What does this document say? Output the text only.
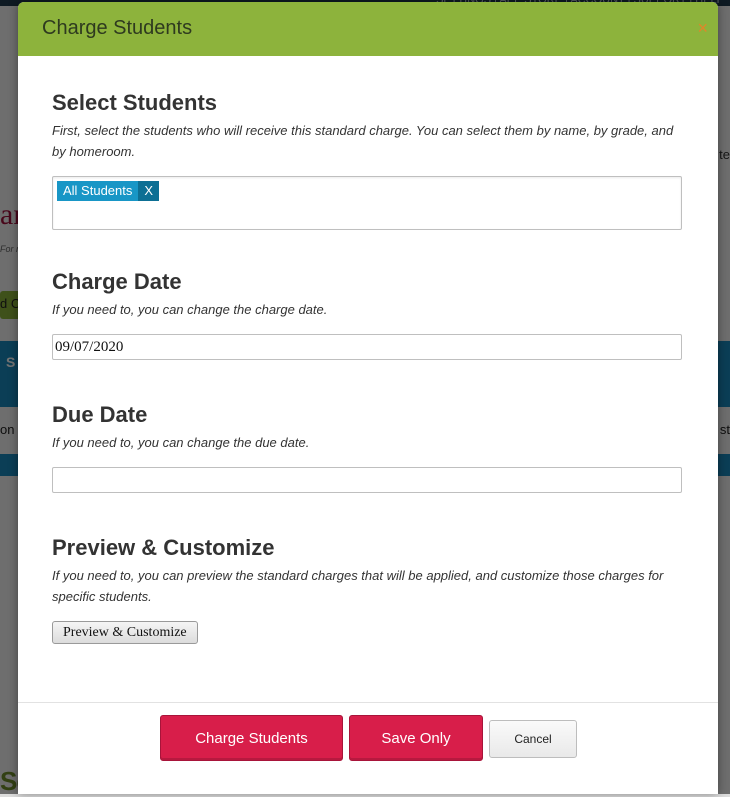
Charge Students	×
Select Students

First, select the students who will receive this standard charge. You can select them by name, by grade, and by homeroom.

All Students X
Charge Date

If you need to, you can change the charge date.

09/07/2020
Due Date

If you need to, you can change the due date.

Preview & Customize

If you need to, you can preview the standard charges that will be applied, and customize those charges for specific students.

Preview & Customize
Charge Students	Save Only	Cancel
